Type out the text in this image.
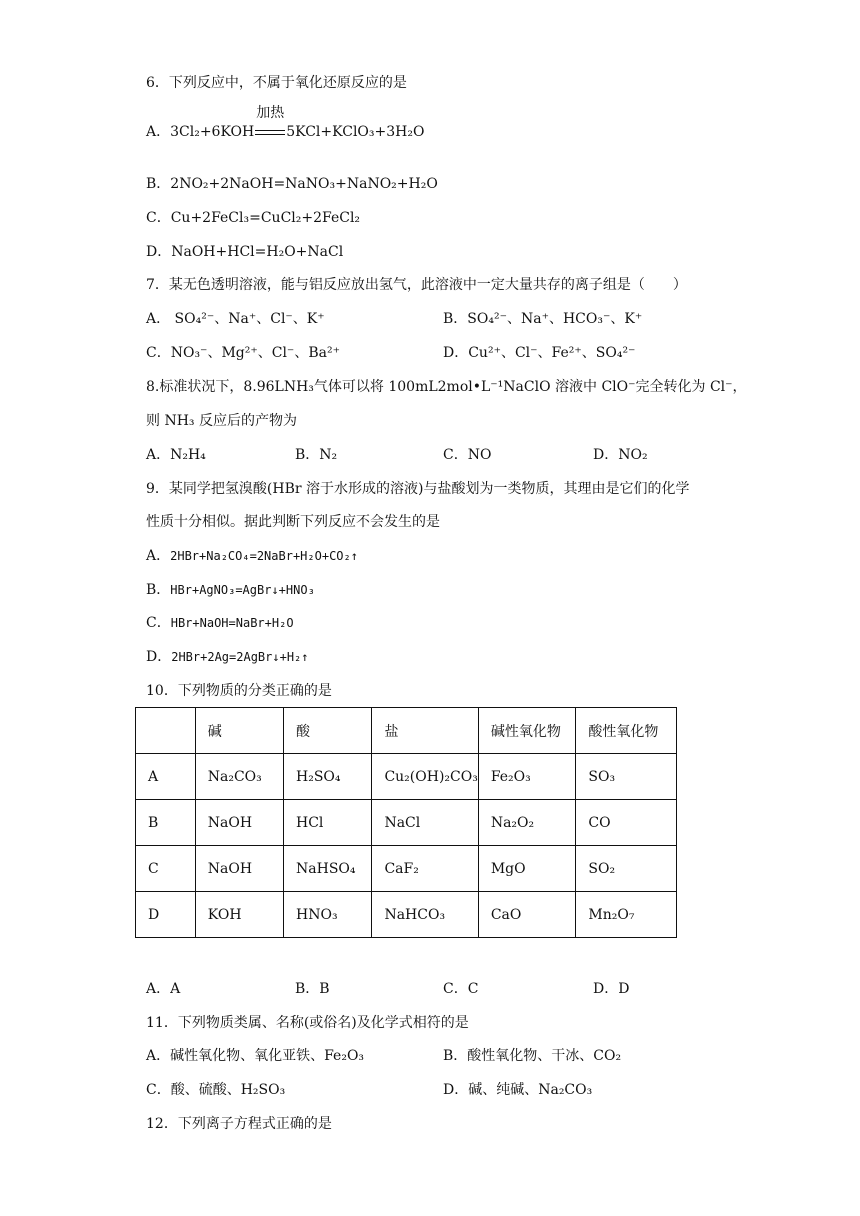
6．下列反应中，不属于氧化还原反应的是
A．3Cl₂+6KOH
加热
5KCl+KClO₃+3H₂O
B．2NO₂+2NaOH=NaNO₃+NaNO₂+H₂O
C．Cu+2FeCl₃=CuCl₂+2FeCl₂
D．NaOH+HCl=H₂O+NaCl
7．某无色透明溶液，能与铝反应放出氢气，此溶液中一定大量共存的离子组是（　　）
A． SO₄²⁻、Na⁺、Cl⁻、K⁺	B．SO₄²⁻、Na⁺、HCO₃⁻、K⁺
C．NO₃⁻、Mg²⁺、Cl⁻、Ba²⁺	D．Cu²⁺、Cl⁻、Fe²⁺、SO₄²⁻
8.标准状况下，8.96LNH₃气体可以将 100mL2mol•L⁻¹NaClO 溶液中 ClO⁻完全转化为 Cl⁻，
则 NH₃ 反应后的产物为
A．N₂H₄	B．N₂	C．NO	D．NO₂
9．某同学把氢溴酸(HBr 溶于水形成的溶液)与盐酸划为一类物质，其理由是它们的化学
性质十分相似。据此判断下列反应不会发生的是
A．2HBr+Na₂CO₄=2NaBr+H₂O+CO₂↑
B．HBr+AgNO₃=AgBr↓+HNO₃
C．HBr+NaOH=NaBr+H₂O
D．2HBr+2Ag=2AgBr↓+H₂↑
10．下列物质的分类正确的是
	碱	酸	盐	碱性氧化物	酸性氧化物
A	Na₂CO₃	H₂SO₄	Cu₂(OH)₂CO₃	Fe₂O₃	SO₃
B	NaOH	HCl	NaCl	Na₂O₂	CO
C	NaOH	NaHSO₄	CaF₂	MgO	SO₂
D	KOH	HNO₃	NaHCO₃	CaO	Mn₂O₇
A．A	B．B	C．C	D．D
11．下列物质类属、名称(或俗名)及化学式相符的是
A．碱性氧化物、氧化亚铁、Fe₂O₃	B．酸性氧化物、干冰、CO₂
C．酸、硫酸、H₂SO₃	D．碱、纯碱、Na₂CO₃
12．下列离子方程式正确的是
